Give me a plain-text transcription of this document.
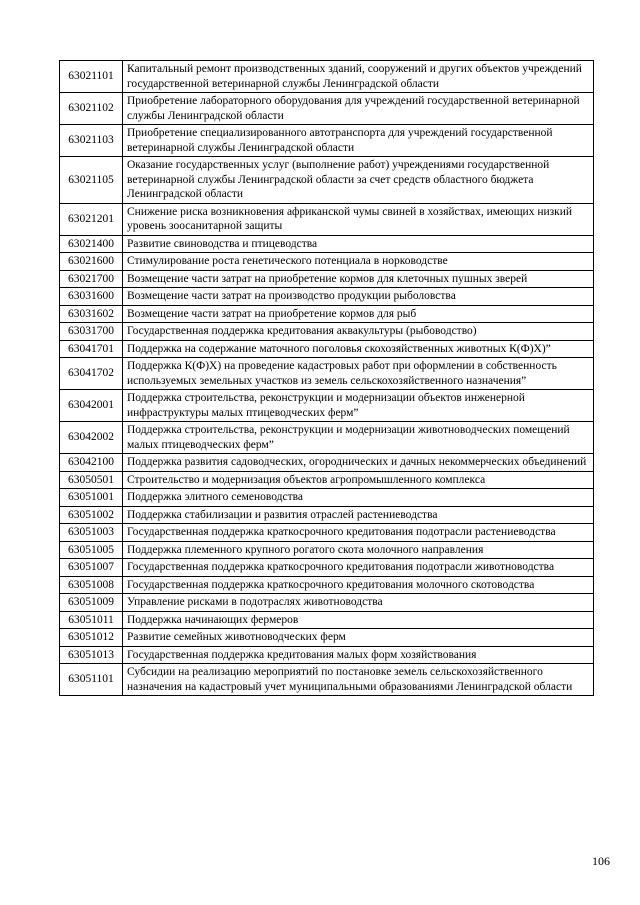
63021101	Капитальный ремонт производственных зданий, сооружений и других объектов учреждений государственной ветеринарной службы Ленинградской области
63021102	Приобретение лабораторного оборудования для учреждений государственной ветеринарной службы Ленинградской области
63021103	Приобретение специализированного автотранспорта для учреждений государственной ветеринарной службы Ленинградской области
63021105	Оказание государственных услуг (выполнение работ) учреждениями государственной ветеринарной службы Ленинградской области за счет средств областного бюджета Ленинградской области
63021201	Снижение риска возникновения африканской чумы свиней в хозяйствах, имеющих низкий уровень зоосанитарной защиты
63021400	Развитие свиноводства и птицеводства
63021600	Стимулирование роста генетического потенциала в норководстве
63021700	Возмещение части затрат на приобретение кормов для клеточных пушных зверей
63031600	Возмещение части затрат на производство продукции рыболовства
63031602	Возмещение части затрат на приобретение кормов для рыб
63031700	Государственная поддержка кредитования аквакультуры (рыбоводство)
63041701	Поддержка на содержание маточного поголовья скохозяйственных животных К(Ф)Х)”
63041702	Поддержка К(Ф)Х) на проведение кадастровых работ при оформлении в собственность используемых земельных участков из земель сельскохозяйственного назначения”
63042001	Поддержка строительства, реконструкции и модернизации объектов инженерной инфраструктуры малых птицеводческих ферм”
63042002	Поддержка строительства, реконструкции и модернизации животноводческих помещений малых птицеводческих ферм”
63042100	Поддержка развития садоводческих, огороднических и дачных некоммерческих объединений
63050501	Строительство и модернизация объектов агропромышленного комплекса
63051001	Поддержка элитного семеноводства
63051002	Поддержка стабилизации и развития отраслей растениеводства
63051003	Государственная поддержка краткосрочного кредитования подотрасли растениеводства
63051005	Поддержка племенного крупного рогатого скота молочного направления
63051007	Государственная поддержка краткосрочного кредитования подотрасли животноводства
63051008	Государственная поддержка краткосрочного кредитования молочного скотоводства
63051009	Управление рисками в подотраслях животноводства
63051011	Поддержка начинающих фермеров
63051012	Развитие семейных животноводческих ферм
63051013	Государственная поддержка кредитования малых форм хозяйствования
63051101	Субсидии на реализацию мероприятий по постановке земель сельскохозяйственного назначения на кадастровый учет муниципальными образованиями Ленинградской области
106
